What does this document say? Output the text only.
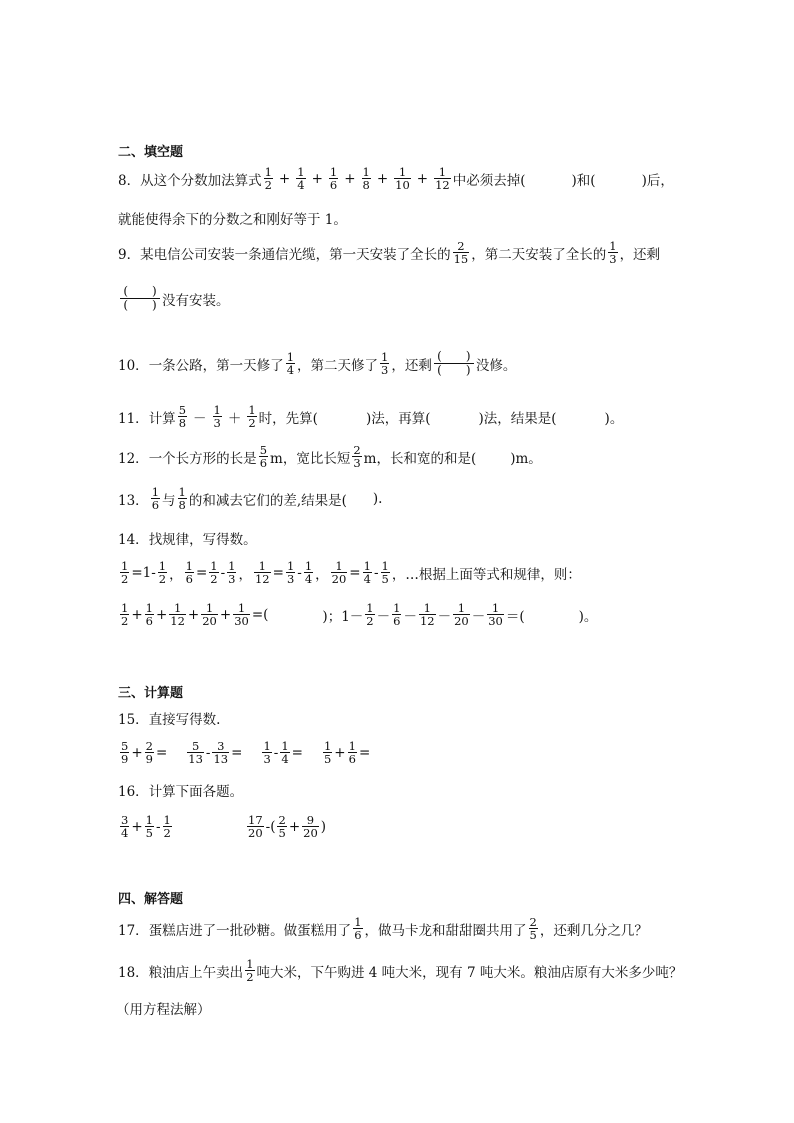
二、填空题
8． 从这个分数加法算式
1
$2 + \frac{1}{4} + \frac{1}{6} + \frac{1}{8} + \frac{1}{10} + \frac{1}{12}$ 中必须去掉(	)和(	)后，
就能使得余下的分数之和刚好等于 1。
9． 某电信公司安装一条通信光缆，第一天安装了全长的
2
15 ，第二天安装了全长的
1
3 ，还剩
(　　)
(　　) 没有安装。
10． 一条公路，第一天修了
1
4 ，第二天修了
1
3 ，还剩
(　　)
(　　) 没修。
11． 计算
5
8 －
1
3 ＋
1
2 时，先算(	)法，再算(	)法，结果是(	)。
12． 一个长方形的长是
5
6 m，宽比长短
2
3 m，长和宽的和是(	)m。
13．
1
6 与
1
8 的和减去它们的差,结果是( ).
14． 找规律，写得数。
1
2 = 1 - 1
2 ，
1
6 = 1
2 - 1
3 ，
1
12 = 1
3 - 1
4 ，
1
20 = 1
4 - 1
5 ， …根据上面等式和规律，则：
1
2 + 1
6 + 1
12 + 1
20 + 1
30 = (	)； 1－
1
2 －
1
6 －
1
12 －
1
20 －
1
30 ＝(	)。
三、计算题
15． 直接写得数.
5
$9 + \frac{2}{9} = 5$
$13 - \frac{3}{13} = 1$
$3 - \frac{1}{4} = 1$
$5 + \frac{1}{6}$ =
16． 计算下面各题。
3
4 + 1
5 - 1
2
17
20 -( 2
5 + 9
20 )
四、解答题
17． 蛋糕店进了一批砂糖。做蛋糕用了
1
6 ，做马卡龙和甜甜圈共用了
2
5 ，还剩几分之几？
18． 粮油店上午卖出
1
2 吨大米，下午购进 4 吨大米，现有 7 吨大米。粮油店原有大米多少吨？
（用方程法解）
